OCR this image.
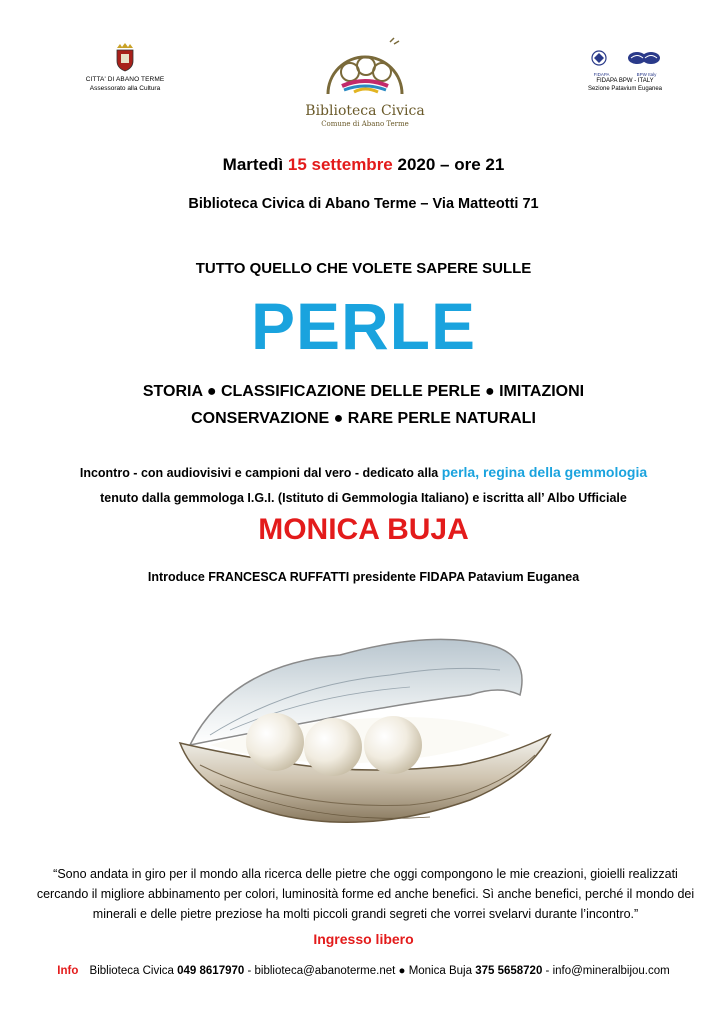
CITTA' DI ABANO TERME
Assessorato alla Cultura
Biblioteca Civica
Comune di Abano Terme
FIDAPA	BPW Italy
FIDAPA BPW - ITALY
Sezione Patavium Euganea
Martedì 15 settembre 2020 – ore 21
Biblioteca Civica di Abano Terme – Via Matteotti 71
TUTTO QUELLO CHE VOLETE SAPERE SULLE
PERLE
STORIA ● CLASSIFICAZIONE DELLE PERLE ● IMITAZIONI
CONSERVAZIONE ● RARE PERLE NATURALI
Incontro - con audiovisivi e campioni dal vero - dedicato alla perla, regina della gemmologia
tenuto dalla gemmologa I.G.I. (Istituto di Gemmologia Italiano) e iscritta all’ Albo Ufficiale
MONICA BUJA
Introduce FRANCESCA RUFFATTI presidente FIDAPA Patavium Euganea
“Sono andata in giro per il mondo alla ricerca delle pietre che oggi compongono le mie creazioni, gioielli realizzati cercando il migliore abbinamento per colori, luminosità forme ed anche benefici. Sì anche benefici, perché il mondo dei minerali e delle pietre preziose ha molti piccoli grandi segreti che vorrei svelarvi durante l’incontro.”
Ingresso libero
Info Biblioteca Civica 049 8617970 - biblioteca@abanoterme.net ● Monica Buja 375 5658720 - info@mineralbijou.com
